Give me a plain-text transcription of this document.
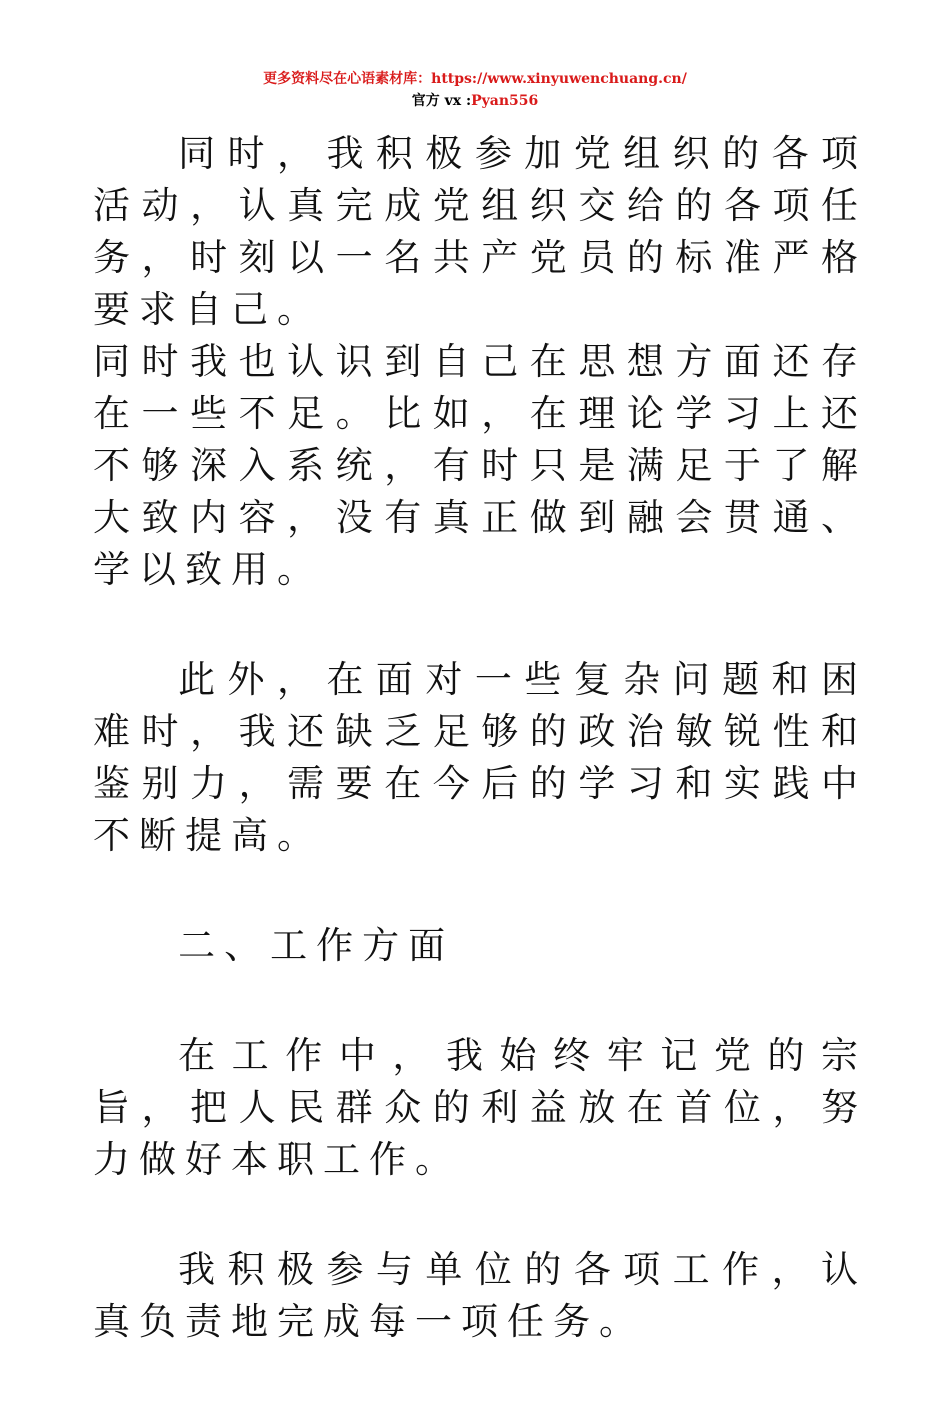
更多资料尽在心语素材库：https://www.xinyuwenchuang.cn/
官方 vx :Pyan556

同时，我积极参加党组织的各项活动，认真完成党组织交给的各项任务，时刻以一名共产党员的标准严格要求自己。

同时我也认识到自己在思想方面还存在一些不足。比如，在理论学习上还不够深入系统，有时只是满足于了解大致内容，没有真正做到融会贯通、学以致用。

此外，在面对一些复杂问题和困难时，我还缺乏足够的政治敏锐性和鉴别力，需要在今后的学习和实践中不断提高。

二、工作方面

在工作中，我始终牢记党的宗旨，把人民群众的利益放在首位，努力做好本职工作。

我积极参与单位的各项工作，认真负责地完成每一项任务。
